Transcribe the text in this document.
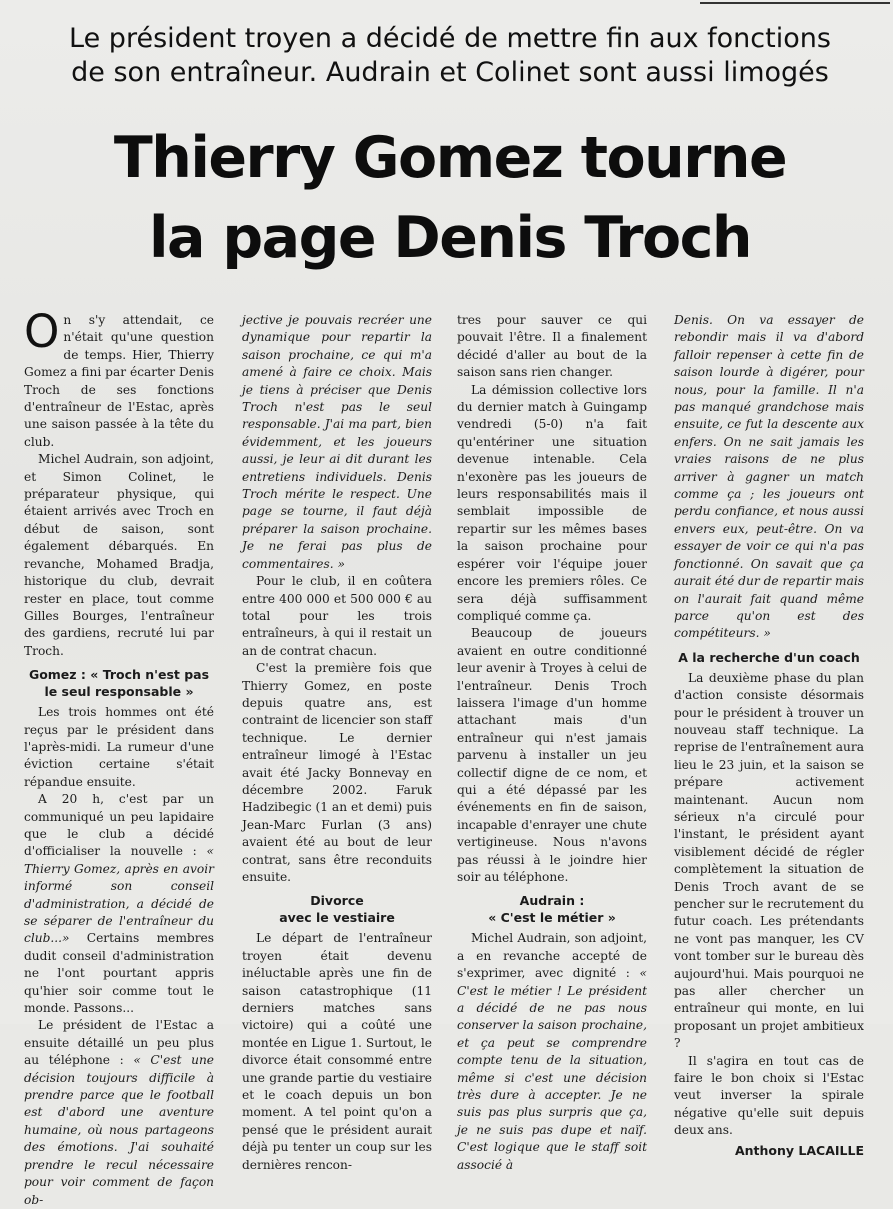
Le président troyen a décidé de mettre fin aux fonctions
de son entraîneur. Audrain et Colinet sont aussi limogés
Thierry Gomez tourne
la page Denis Troch

On s'y attendait, ce n'était qu'une question de temps. Hier, Thierry Gomez a fini par écarter Denis Troch de ses fonctions d'entraîneur de l'Estac, après une saison passée à la tête du club.

Michel Audrain, son adjoint, et Simon Colinet, le préparateur physique, qui étaient arrivés avec Troch en début de saison, sont également débarqués. En revanche, Mohamed Bradja, historique du club, devrait rester en place, tout comme Gilles Bourges, l'entraîneur des gardiens, recruté lui par Troch.

Gomez : « Troch n'est pas le seul responsable »

Les trois hommes ont été reçus par le président dans l'après-midi. La rumeur d'une éviction certaine s'était répandue ensuite.

A 20 h, c'est par un communiqué un peu lapidaire que le club a décidé d'officialiser la nouvelle : « Thierry Gomez, après en avoir informé son conseil d'administration, a décidé de se séparer de l'entraîneur du club...» Certains membres dudit conseil d'administration ne l'ont pourtant appris qu'hier soir comme tout le monde. Passons...

Le président de l'Estac a ensuite détaillé un peu plus au téléphone : « C'est une décision toujours difficile à prendre parce que le football est d'abord une aventure humaine, où nous partageons des émotions. J'ai souhaité prendre le recul nécessaire pour voir comment de façon ob-

jective je pouvais recréer une dynamique pour repartir la saison prochaine, ce qui m'a amené à faire ce choix. Mais je tiens à préciser que Denis Troch n'est pas le seul responsable. J'ai ma part, bien évidemment, et les joueurs aussi, je leur ai dit durant les entretiens individuels. Denis Troch mérite le respect. Une page se tourne, il faut déjà préparer la saison prochaine. Je ne ferai pas plus de commentaires. »

Pour le club, il en coûtera entre 400 000 et 500 000 € au total pour les trois entraîneurs, à qui il restait un an de contrat chacun.

C'est la première fois que Thierry Gomez, en poste depuis quatre ans, est contraint de licencier son staff technique. Le dernier entraîneur limogé à l'Estac avait été Jacky Bonnevay en décembre 2002. Faruk Hadzibegic (1 an et demi) puis Jean-Marc Furlan (3 ans) avaient été au bout de leur contrat, sans être reconduits ensuite.

Divorce
avec le vestiaire

Le départ de l'entraîneur troyen était devenu inéluctable après une fin de saison catastrophique (11 derniers matches sans victoire) qui a coûté une montée en Ligue 1. Surtout, le divorce était consommé entre une grande partie du vestiaire et le coach depuis un bon moment. A tel point qu'on a pensé que le président aurait déjà pu tenter un coup sur les dernières rencon-

tres pour sauver ce qui pouvait l'être. Il a finalement décidé d'aller au bout de la saison sans rien changer.

La démission collective lors du dernier match à Guingamp vendredi (5-0) n'a fait qu'entériner une situation devenue intenable. Cela n'exonère pas les joueurs de leurs responsabilités mais il semblait impossible de repartir sur les mêmes bases la saison prochaine pour espérer voir l'équipe jouer encore les premiers rôles. Ce sera déjà suffisamment compliqué comme ça.

Beaucoup de joueurs avaient en outre conditionné leur avenir à Troyes à celui de l'entraîneur. Denis Troch laissera l'image d'un homme attachant mais d'un entraîneur qui n'est jamais parvenu à installer un jeu collectif digne de ce nom, et qui a été dépassé par les événements en fin de saison, incapable d'enrayer une chute vertigineuse. Nous n'avons pas réussi à le joindre hier soir au téléphone.

Audrain :
« C'est le métier »

Michel Audrain, son adjoint, a en revanche accepté de s'exprimer, avec dignité : « C'est le métier ! Le président a décidé de ne pas nous conserver la saison prochaine, et ça peut se comprendre compte tenu de la situation, même si c'est une décision très dure à accepter. Je ne suis pas plus surpris que ça, je ne suis pas dupe et naïf. C'est logique que le staff soit associé à

Denis. On va essayer de rebondir mais il va d'abord falloir repenser à cette fin de saison lourde à digérer, pour nous, pour la famille. Il n'a pas manqué grandchose mais ensuite, ce fut la descente aux enfers. On ne sait jamais les vraies raisons de ne plus arriver à gagner un match comme ça ; les joueurs ont perdu confiance, et nous aussi envers eux, peut-être. On va essayer de voir ce qui n'a pas fonctionné. On savait que ça aurait été dur de repartir mais on l'aurait fait quand même parce qu'on est des compétiteurs. »

A la recherche d'un coach

La deuxième phase du plan d'action consiste désormais pour le président à trouver un nouveau staff technique. La reprise de l'entraînement aura lieu le 23 juin, et la saison se prépare activement maintenant. Aucun nom sérieux n'a circulé pour l'instant, le président ayant visiblement décidé de régler complètement la situation de Denis Troch avant de se pencher sur le recrutement du futur coach. Les prétendants ne vont pas manquer, les CV vont tomber sur le bureau dès aujourd'hui. Mais pourquoi ne pas aller chercher un entraîneur qui monte, en lui proposant un projet ambitieux ?

Il s'agira en tout cas de faire le bon choix si l'Estac veut inverser la spirale négative qu'elle suit depuis deux ans.

Anthony LACAILLE
